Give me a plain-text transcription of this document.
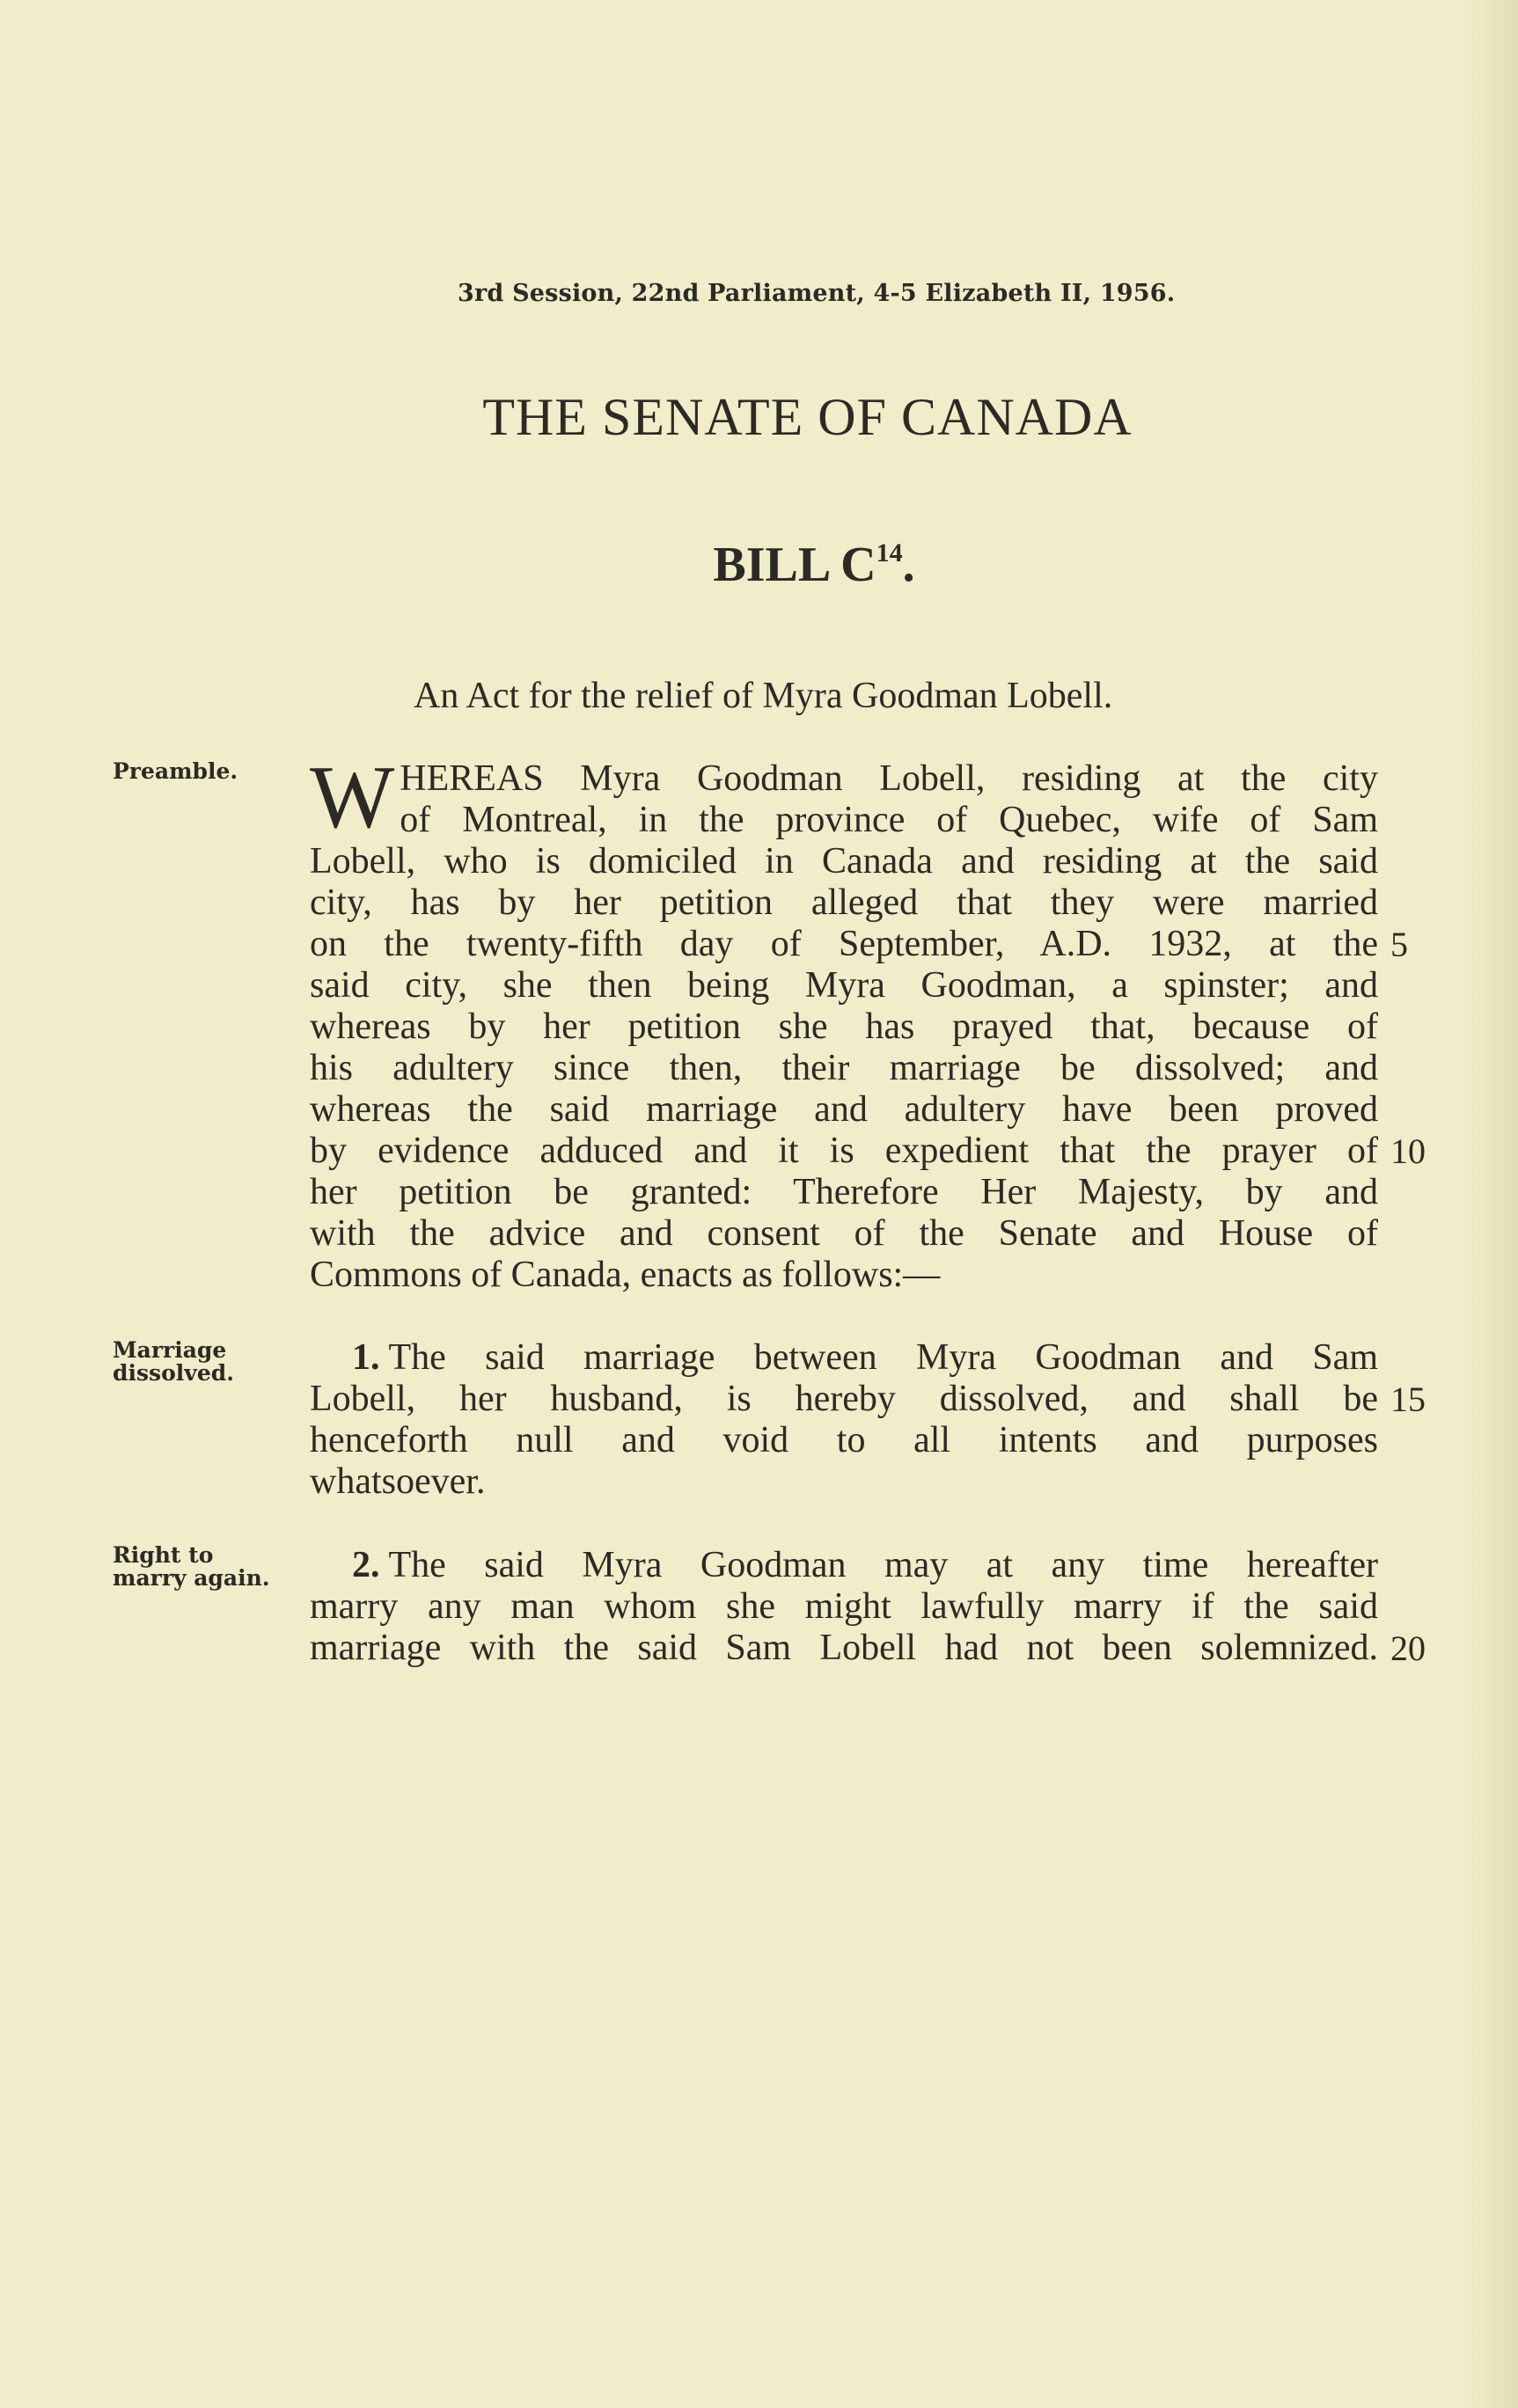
3rd Session, 22nd Parliament, 4-5 Elizabeth II, 1956.
THE SENATE OF CANADA
BILL $C^{14}$.
An Act for the relief of Myra Goodman Lobell.
Preamble.
Marriage
dissolved.
Right to
marry again.
W HEREAS Myra Goodman Lobell, residing at the city
of Montreal, in the province of Quebec, wife of Sam
Lobell, who is domiciled in Canada and residing at the said
city, has by her petition alleged that they were married
on the twenty-fifth day of September, A.D. 1932, at the 5
said city, she then being Myra Goodman, a spinster; and
whereas by her petition she has prayed that, because of
his adultery since then, their marriage be dissolved; and
whereas the said marriage and adultery have been proved
by evidence adduced and it is expedient that the prayer of 10
her petition be granted: Therefore Her Majesty, by and
with the advice and consent of the Senate and House of
Commons of Canada, enacts as follows:—
1. The said marriage between Myra Goodman and Sam
Lobell, her husband, is hereby dissolved, and shall be 15
henceforth null and void to all intents and purposes
whatsoever.
2. The said Myra Goodman may at any time hereafter
marry any man whom she might lawfully marry if the said
marriage with the said Sam Lobell had not been solemnized. 20
